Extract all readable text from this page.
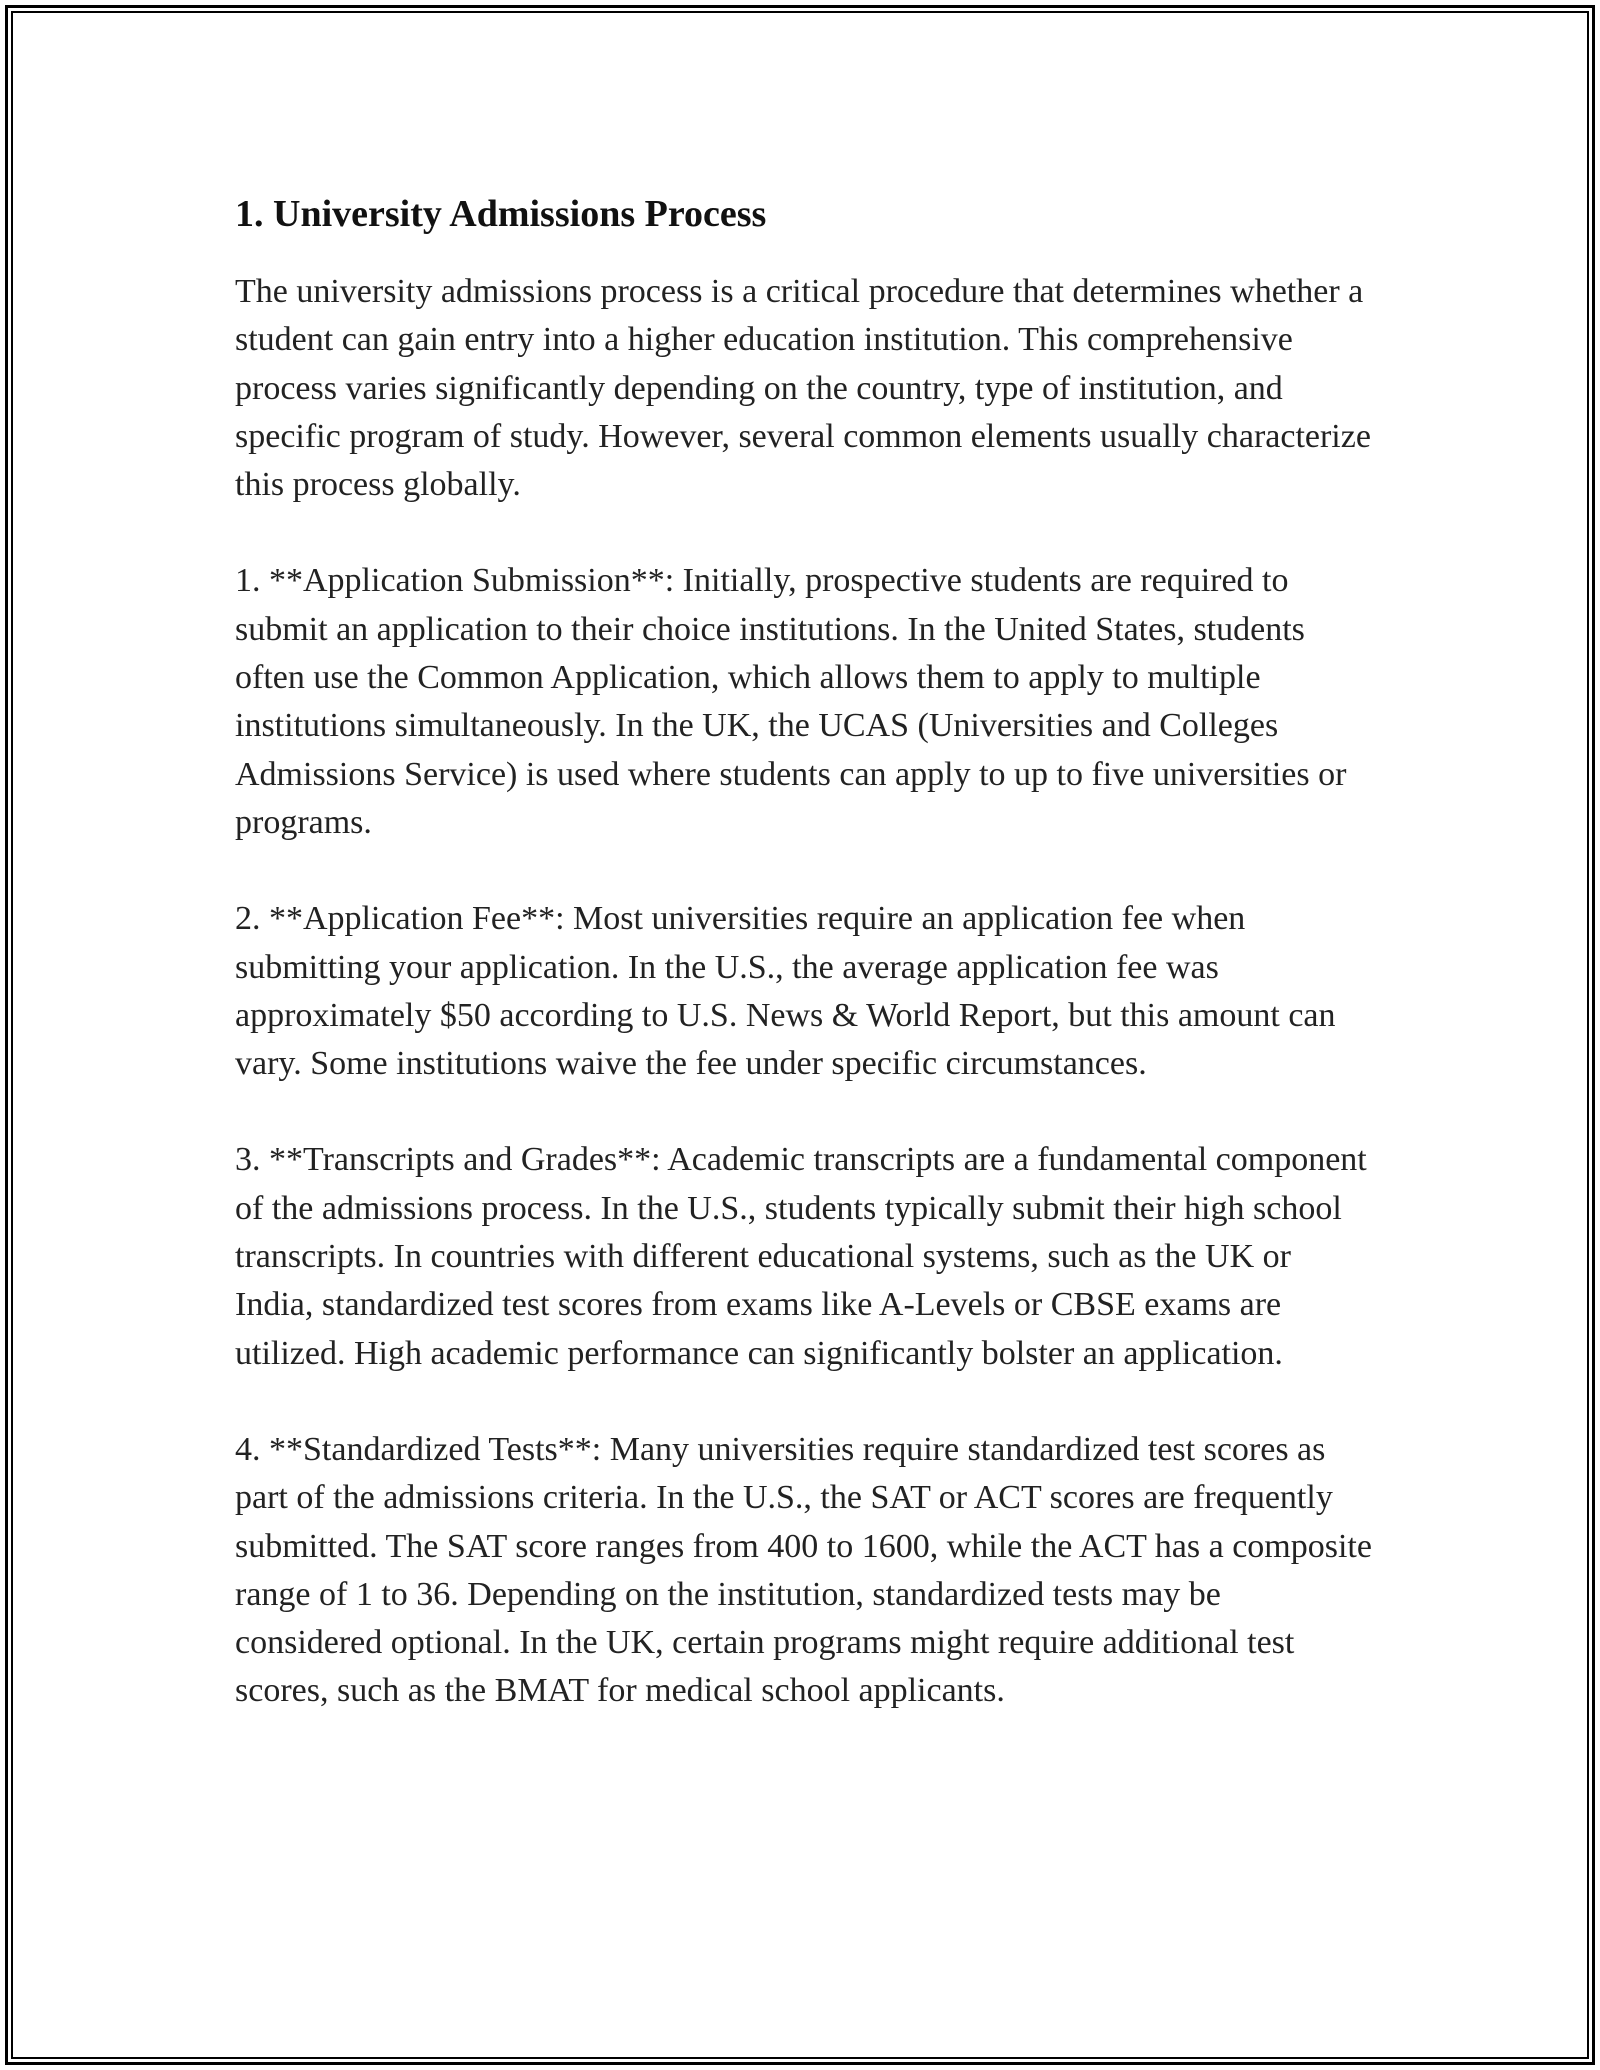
1. University Admissions Process

The university admissions process is a critical procedure that determines whether a student can gain entry into a higher education institution. This comprehensive process varies significantly depending on the country, type of institution, and specific program of study. However, several common elements usually characterize this process globally.

1. **Application Submission**: Initially, prospective students are required to submit an application to their choice institutions. In the United States, students often use the Common Application, which allows them to apply to multiple institutions simultaneously. In the UK, the UCAS (Universities and Colleges Admissions Service) is used where students can apply to up to five universities or programs.

2. **Application Fee**: Most universities require an application fee when submitting your application. In the U.S., the average application fee was approximately $50 according to U.S. News & World Report, but this amount can vary. Some institutions waive the fee under specific circumstances.

3. **Transcripts and Grades**: Academic transcripts are a fundamental component of the admissions process. In the U.S., students typically submit their high school transcripts. In countries with different educational systems, such as the UK or India, standardized test scores from exams like A-Levels or CBSE exams are utilized. High academic performance can significantly bolster an application.

4. **Standardized Tests**: Many universities require standardized test scores as part of the admissions criteria. In the U.S., the SAT or ACT scores are frequently submitted. The SAT score ranges from 400 to 1600, while the ACT has a composite range of 1 to 36. Depending on the institution, standardized tests may be considered optional. In the UK, certain programs might require additional test scores, such as the BMAT for medical school applicants.
